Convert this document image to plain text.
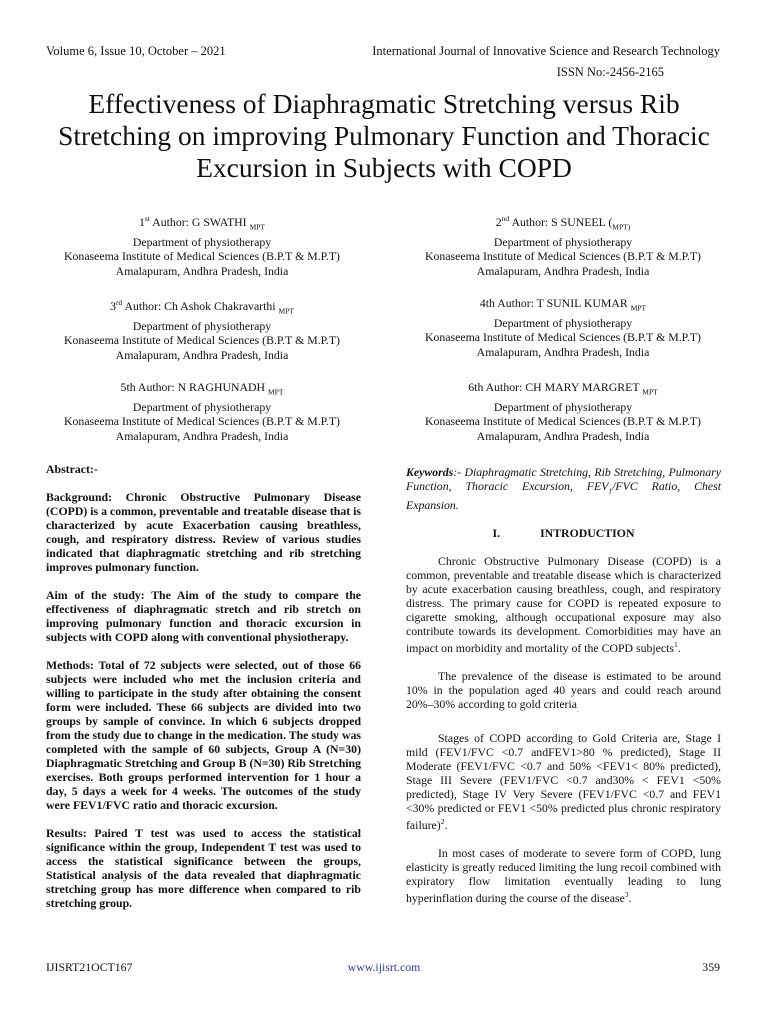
Volume 6, Issue 10, October – 2021	International Journal of Innovative Science and Research Technology
ISSN No:-2456-2165
Effectiveness of Diaphragmatic Stretching versus Rib Stretching on improving Pulmonary Function and Thoracic Excursion in Subjects with COPD
1st Author: G SWATHI $_{MPT}$
Department of physiotherapy
Konaseema Institute of Medical Sciences (B.P.T & M.P.T)
Amalapuram, Andhra Pradesh, India
2nd Author: S SUNEEL ($_{MPT)}$
Department of physiotherapy
Konaseema Institute of Medical Sciences (B.P.T & M.P.T)
Amalapuram, Andhra Pradesh, India
3rd Author: Ch Ashok Chakravarthi $_{MPT}$
Department of physiotherapy
Konaseema Institute of Medical Sciences (B.P.T & M.P.T)
Amalapuram, Andhra Pradesh, India
4th Author: T SUNIL KUMAR $_{MPT}$
Department of physiotherapy
Konaseema Institute of Medical Sciences (B.P.T & M.P.T)
Amalapuram, Andhra Pradesh, India
5th Author: N RAGHUNADH $_{MPT}$
Department of physiotherapy
Konaseema Institute of Medical Sciences (B.P.T & M.P.T)
Amalapuram, Andhra Pradesh, India
6th Author: CH MARY MARGRET $_{MPT}$
Department of physiotherapy
Konaseema Institute of Medical Sciences (B.P.T & M.P.T)
Amalapuram, Andhra Pradesh, India

Abstract:-

Background: Chronic Obstructive Pulmonary Disease (COPD) is a common, preventable and treatable disease that is characterized by acute Exacerbation causing breathless, cough, and respiratory distress. Review of various studies indicated that diaphragmatic stretching and rib stretching improves pulmonary function.

Aim of the study: The Aim of the study to compare the effectiveness of diaphragmatic stretch and rib stretch on improving pulmonary function and thoracic excursion in subjects with COPD along with conventional physiotherapy.

Methods: Total of 72 subjects were selected, out of those 66 subjects were included who met the inclusion criteria and willing to participate in the study after obtaining the consent form were included. These 66 subjects are divided into two groups by sample of convince. In which 6 subjects dropped from the study due to change in the medication. The study was completed with the sample of 60 subjects, Group A (N=30) Diaphragmatic Stretching and Group B (N=30) Rib Stretching exercises. Both groups performed intervention for 1 hour a day, 5 days a week for 4 weeks. The outcomes of the study were FEV1/FVC ratio and thoracic excursion.

Results: Paired T test was used to access the statistical significance within the group, Independent T test was used to access the statistical significance between the groups, Statistical analysis of the data revealed that diaphragmatic stretching group has more difference when compared to rib stretching group.

Keywords:- Diaphragmatic Stretching, Rib Stretching, Pulmonary Function, Thoracic Excursion, $FEV_1$/FVC Ratio, Chest Expansion.

I.	INTRODUCTION

Chronic Obstructive Pulmonary Disease (COPD) is a common, preventable and treatable disease which is characterized by acute exacerbation causing breathless, cough, and respiratory distress. The primary cause for COPD is repeated exposure to cigarette smoking, although occupational exposure may also contribute towards its development. Comorbidities may have an impact on morbidity and mortality of the COPD subjects$^1$.

The prevalence of the disease is estimated to be around 10% in the population aged 40 years and could reach around 20%–30% according to gold criteria$_.$

Stages of COPD according to Gold Criteria are, Stage I mild (FEV1/FVC <0.7 andFEV1>80 % predicted), Stage II Moderate (FEV1/FVC <0.7 and 50% <FEV1< 80% predicted), Stage III Severe (FEV1/FVC <0.7 and30% < FEV1 <50% predicted), Stage IV Very Severe (FEV1/FVC <0.7 and FEV1 <30% predicted or FEV1 <50% predicted plus chronic respiratory failure)$^2$.

In most cases of moderate to severe form of COPD, lung elasticity is greatly reduced limiting the lung recoil combined with expiratory flow limitation eventually leading to lung hyperinflation during the course of the disease$^3$.

IJISRT21OCT167	www.ijisrt.com	359
